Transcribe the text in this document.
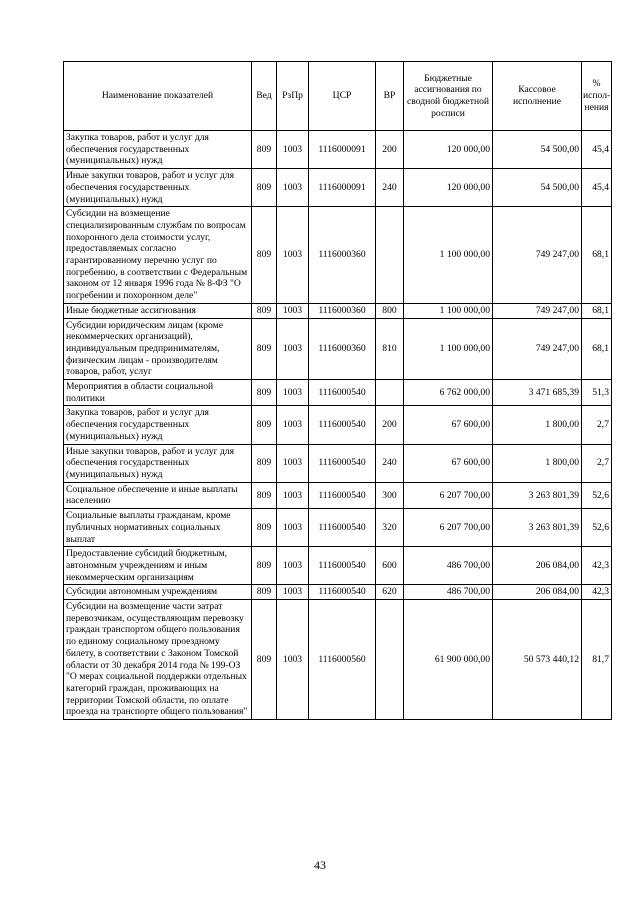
Наименование показателей	Вед	РзПр	ЦСР	ВР	Бюджетные ассигнования по сводной бюджетной росписи	Кассовое исполнение	% испол-нения
Закупка товаров, работ и услуг для обеспечения государственных (муниципальных) нужд	809	1003	1116000091	200	120 000,00	54 500,00	45,4
Иные закупки товаров, работ и услуг для обеспечения государственных (муниципальных) нужд	809	1003	1116000091	240	120 000,00	54 500,00	45,4
Субсидии на возмещение специализированным службам по вопросам похоронного дела стоимости услуг, предоставляемых согласно гарантированному перечню услуг по погребению, в соответствии с Федеральным законом от 12 января 1996 года № 8-ФЗ "О погребении и похоронном деле"	809	1003	1116000360		1 100 000,00	749 247,00	68,1
Иные бюджетные ассигнования	809	1003	1116000360	800	1 100 000,00	749 247,00	68,1
Субсидии юридическим лицам (кроме некоммерческих организаций), индивидуальным предпринимателям, физическим лицам - производителям товаров, работ, услуг	809	1003	1116000360	810	1 100 000,00	749 247,00	68,1
Мероприятия в области социальной политики	809	1003	1116000540		6 762 000,00	3 471 685,39	51,3
Закупка товаров, работ и услуг для обеспечения государственных (муниципальных) нужд	809	1003	1116000540	200	67 600,00	1 800,00	2,7
Иные закупки товаров, работ и услуг для обеспечения государственных (муниципальных) нужд	809	1003	1116000540	240	67 600,00	1 800,00	2,7
Социальное обеспечение и иные выплаты населению	809	1003	1116000540	300	6 207 700,00	3 263 801,39	52,6
Социальные выплаты гражданам, кроме публичных нормативных социальных выплат	809	1003	1116000540	320	6 207 700,00	3 263 801,39	52,6
Предоставление субсидий бюджетным, автономным учреждениям и иным некоммерческим организациям	809	1003	1116000540	600	486 700,00	206 084,00	42,3
Субсидии автономным учреждениям	809	1003	1116000540	620	486 700,00	206 084,00	42,3
Субсидии на возмещение части затрат перевозчикам, осуществляющим перевозку граждан транспортом общего пользования по единому социальному проездному билету, в соответствии с Законом Томской области от 30 декабря 2014 года № 199-ОЗ "О мерах социальной поддержки отдельных категорий граждан, проживающих на территории Томской области, по оплате проезда на транспорте общего пользования"	809	1003	1116000560		61 900 000,00	50 573 440,12	81,7
43
